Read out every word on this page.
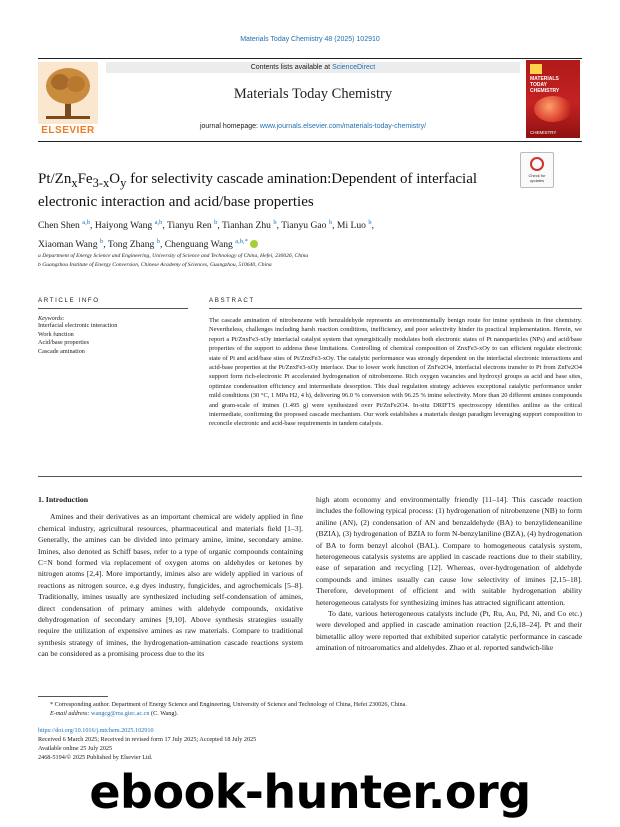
Materials Today Chemistry 48 (2025) 102910
ELSEVIER
Contents lists available at ScienceDirect
Materials Today Chemistry
journal homepage: www.journals.elsevier.com/materials-today-chemistry/
MATERIALS TODAY CHEMISTRY
CHEMISTRY
Check for updates
$Pt/Zn_xFe_{3-x}O_y$ for selectivity cascade amination:Dependent of interfacial
electronic interaction and acid/base properties
Chen Shen $^{a,b}$, Haiyong Wang $^{a,b}$, Tianyu Ren $^b$, Tianhan Zhu $^b$, Tianyu Gao $^b$, Mi Luo $^b$,
Xiaoman Wang $^b$, Tong Zhang $^b$, Chenguang Wang $^{a,b,*}$
a Department of Energy Science and Engineering, University of Science and Technology of China, Hefei, 230026, China
b Guangzhou Institute of Energy Conversion, Chinese Academy of Sciences, Guangzhou, 510640, China
ARTICLE INFO
Keywords:
Interfacial electronic interaction
Work function
Acid/base properties
Cascade amination
ABSTRACT
The cascade amination of nitrobenzene with benzaldehyde represents an environmentally benign route for imine synthesis in fine chemistry. Nevertheless, challenges including harsh reaction conditions, inefficiency, and poor selectivity hinder its practical implementation. Herein, we report a Pt/ZnxFe3-xOy interfacial catalyst system that synergistically modulates both electronic states of Pt nanoparticles (NPs) and acid/base properties of the support to address these limitations. Controlling of chemical composition of ZnxFe3-xOy to can efficient regulate electronic state of Pt and acid/base sites of Pt/ZnxFe3-xOy. The catalytic performance was strongly dependent on the interfacial electronic interactions and acid-base properties at the Pt/ZnxFe3-xOy interface. Due to lower work function of ZnFe2O4, interfacial electrons transfer to Pt from ZnFe2O4 support form rich-electronic Pt accelerated hydrogenation of nitrobenzene. Rich oxygen vacancies and hydroxyl groups as acid and base sites, optimize condensation efficiency and intermediate desorption. This dual regulation strategy achieves exceptional catalytic performance under mild conditions (30 °C, 1 MPa H2, 4 h), delivering 96.0 % conversion with 96.25 % imine selectivity. More than 20 different amines compounds and gram-scale of imines (1.495 g) were synthesized over Pt/ZnFe2O4. In-situ DRIFTS spectroscopy identifies aniline as the critical intermediate, confirming the proposed cascade mechanism. Our work establishes a materials design paradigm leveraging support composition to reconcile electronic and acid-base requirements in tandem catalysis.
1. Introduction

Amines and their derivatives as an important chemical are widely applied in fine chemical industry, agricultural resources, pharmaceutical and materials field [1–3]. Generally, the amines can be divided into primary amine, imine, secondary amine. Imines, also denoted as Schiff bases, refer to a type of organic compounds containing C=N bond formed via replacement of oxygen atoms on aldehydes or ketones by nitrogen atoms [2,4]. More importantly, imines also are widely applied in various of reactions as nitrogen source, e.g dyes industry, fungicides, and agrochemicals [5–8]. Traditionally, imines usually are synthesized including self-condensation of amines, direct condensation of primary amines with aldehyde compounds, oxidative dehydrogenation of secondary amines [9,10]. Above synthesis strategies usually require the utilization of expensive amines as raw materials. Compare to traditional synthesis strategy of imines, the hydrogenation-amination cascade reactions system can be considered as a promising process due to the its

high atom economy and environmentally friendly [11–14]. This cascade reaction includes the following typical process: (1) hydrogenation of nitrobenzene (NB) to form aniline (AN), (2) condensation of AN and benzaldehyde (BA) to benzylideneaniline (BZIA), (3) hydrogenation of BZIA to form N-benzylaniline (BZA), (4) hydrogenation of BA to form benzyl alcohol (BAL). Compare to homogeneous catalysis system, heterogeneous catalysis systems are applied in cascade reactions due to their stability, ease of separation and recycling [12]. Whereas, over-hydrogenation of aldehyde compounds and imines usually can cause low selectivity of imines [2,15–18]. Therefore, development of efficient and with suitable hydrogenation ability heterogeneous catalysts for synthesizing imines has attracted significant attention.

To date, various heterogeneous catalysts include (Pt, Ru, Au, Pd, Ni, and Co etc.) were developed and applied in cascade amination reaction [2,6,18–24]. Pt and their bimetallic alloy were reported that exhibited superior catalytic performance in cascade amination of nitroaromatics and aldehydes. Zhao et al. reported sandwich-like

* Corresponding author. Department of Energy Science and Engineering, University of Science and Technology of China, Hefei 230026, China.
E-mail address: wangcg@ms.giec.ac.cn (C. Wang).
https://doi.org/10.1016/j.mtchem.2025.102910
Received 6 March 2025; Received in revised form 17 July 2025; Accepted 18 July 2025
Available online 25 July 2025
2468-5194/© 2025 Published by Elsevier Ltd.
ebook-hunter.org
